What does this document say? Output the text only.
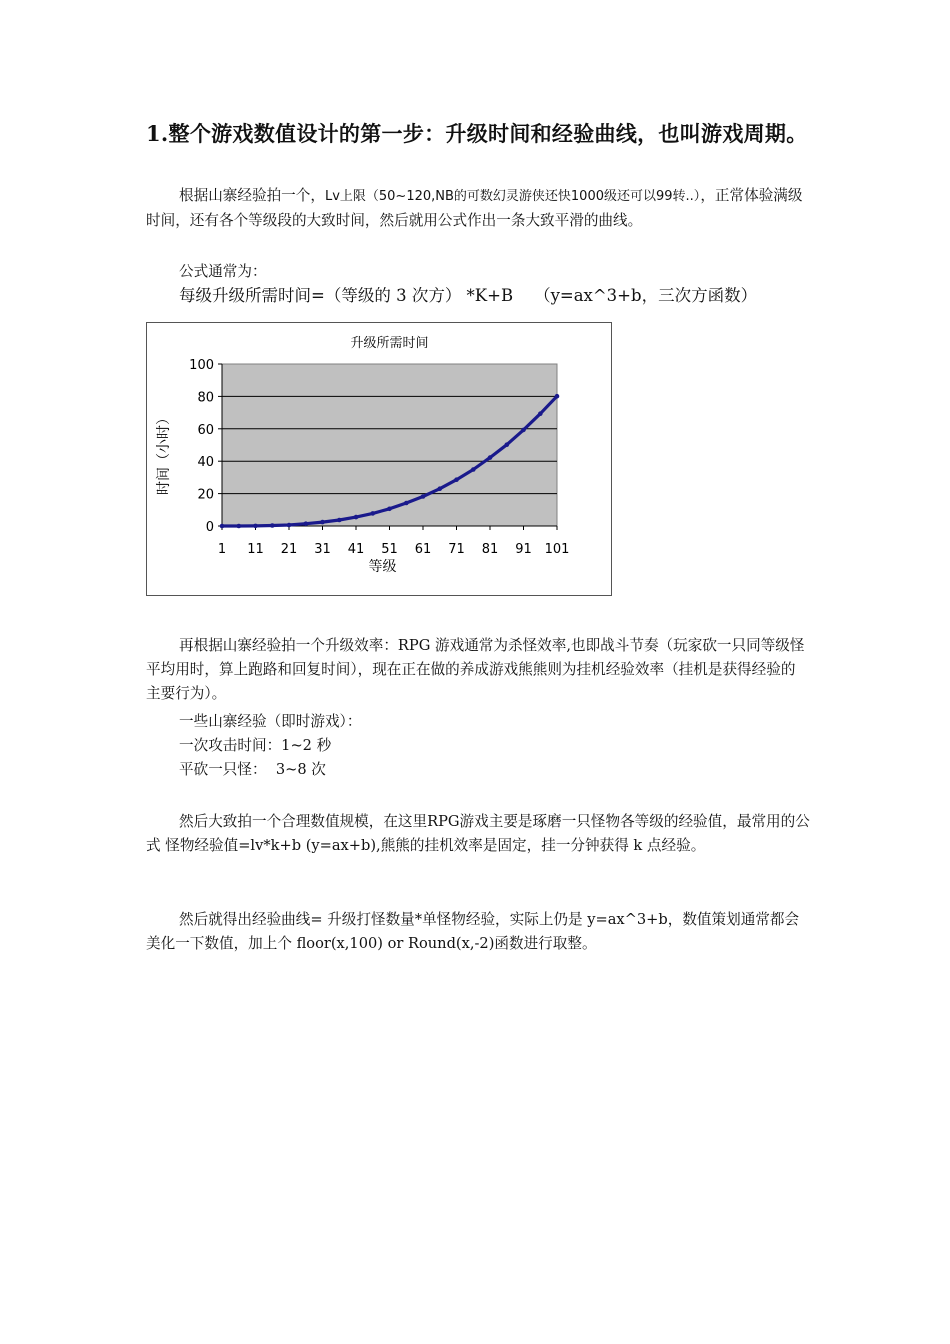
1.整个游戏数值设计的第一步：升级时间和经验曲线，也叫游戏周期。

根据山寨经验拍一个，Lv上限（50~120,NB的可数幻灵游侠还快1000级还可以99转..），正常体验满级时间，还有各个等级段的大致时间，然后就用公式作出一条大致平滑的曲线。

公式通常为：

每级升级所需时间=（等级的 3 次方） *K+B    （y=ax^3+b，三次方函数）

升级所需时间
0
20
40
60
80
100
1 11 21 31 41 51 61 71 81 91 101
等级
时间（小时）

再根据山寨经验拍一个升级效率：RPG 游戏通常为杀怪效率,也即战斗节奏（玩家砍一只同等级怪平均用时，算上跑路和回复时间），现在正在做的养成游戏熊熊则为挂机经验效率（挂机是获得经验的主要行为）。

一些山寨经验（即时游戏）：

一次攻击时间：1~2 秒

平砍一只怪：  3~8 次

然后大致拍一个合理数值规模，在这里RPG游戏主要是琢磨一只怪物各等级的经验值，最常用的公式 怪物经验值=lv*k+b (y=ax+b),熊熊的挂机效率是固定，挂一分钟获得 k 点经验。

然后就得出经验曲线= 升级打怪数量*单怪物经验，实际上仍是 y=ax^3+b，数值策划通常都会美化一下数值，加上个 floor(x,100) or Round(x,-2)函数进行取整。
